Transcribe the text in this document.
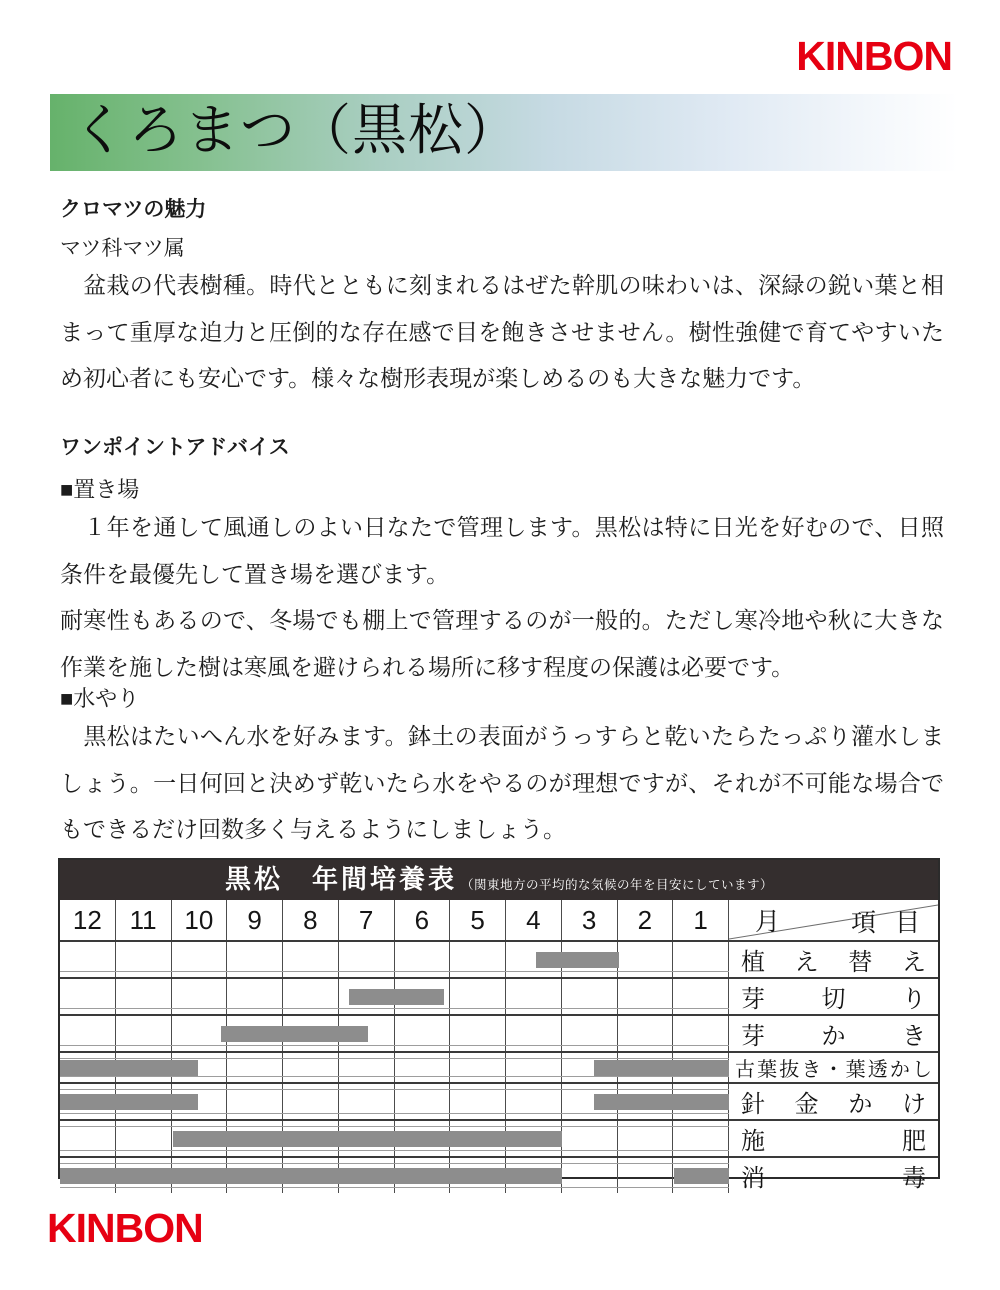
KINBON
くろまつ（黒松）
クロマツの魅力
マツ科マツ属
　盆栽の代表樹種。時代とともに刻まれるはぜた幹肌の味わいは、深緑の鋭い葉と相まって重厚な迫力と圧倒的な存在感で目を飽きさせません。樹性強健で育てやすいため初心者にも安心です。様々な樹形表現が楽しめるのも大きな魅力です。
ワンポイントアドバイス
■置き場
　１年を通して風通しのよい日なたで管理します。黒松は特に日光を好むので、日照条件を最優先して置き場を選びます。
耐寒性もあるので、冬場でも棚上で管理するのが一般的。ただし寒冷地や秋に大きな作業を施した樹は寒風を避けられる場所に移す程度の保護は必要です。
■水やり
　黒松はたいへん水を好みます。鉢土の表面がうっすらと乾いたらたっぷり灌水しましょう。一日何回と決めず乾いたら水をやるのが理想ですが、それが不可能な場合でもできるだけ回数多く与えるようにしましょう。
黒松　年間培養表 （関東地方の平均的な気候の年を目安にしています）
12	11	10	9	8	7	6	5	4	3	2	1	月	項 目
植 え 替 え
芽 切 り
芽 か き
古 葉 抜 き ・ 葉 透 か し
針 金 か け
施	肥
消	毒
KINBON
